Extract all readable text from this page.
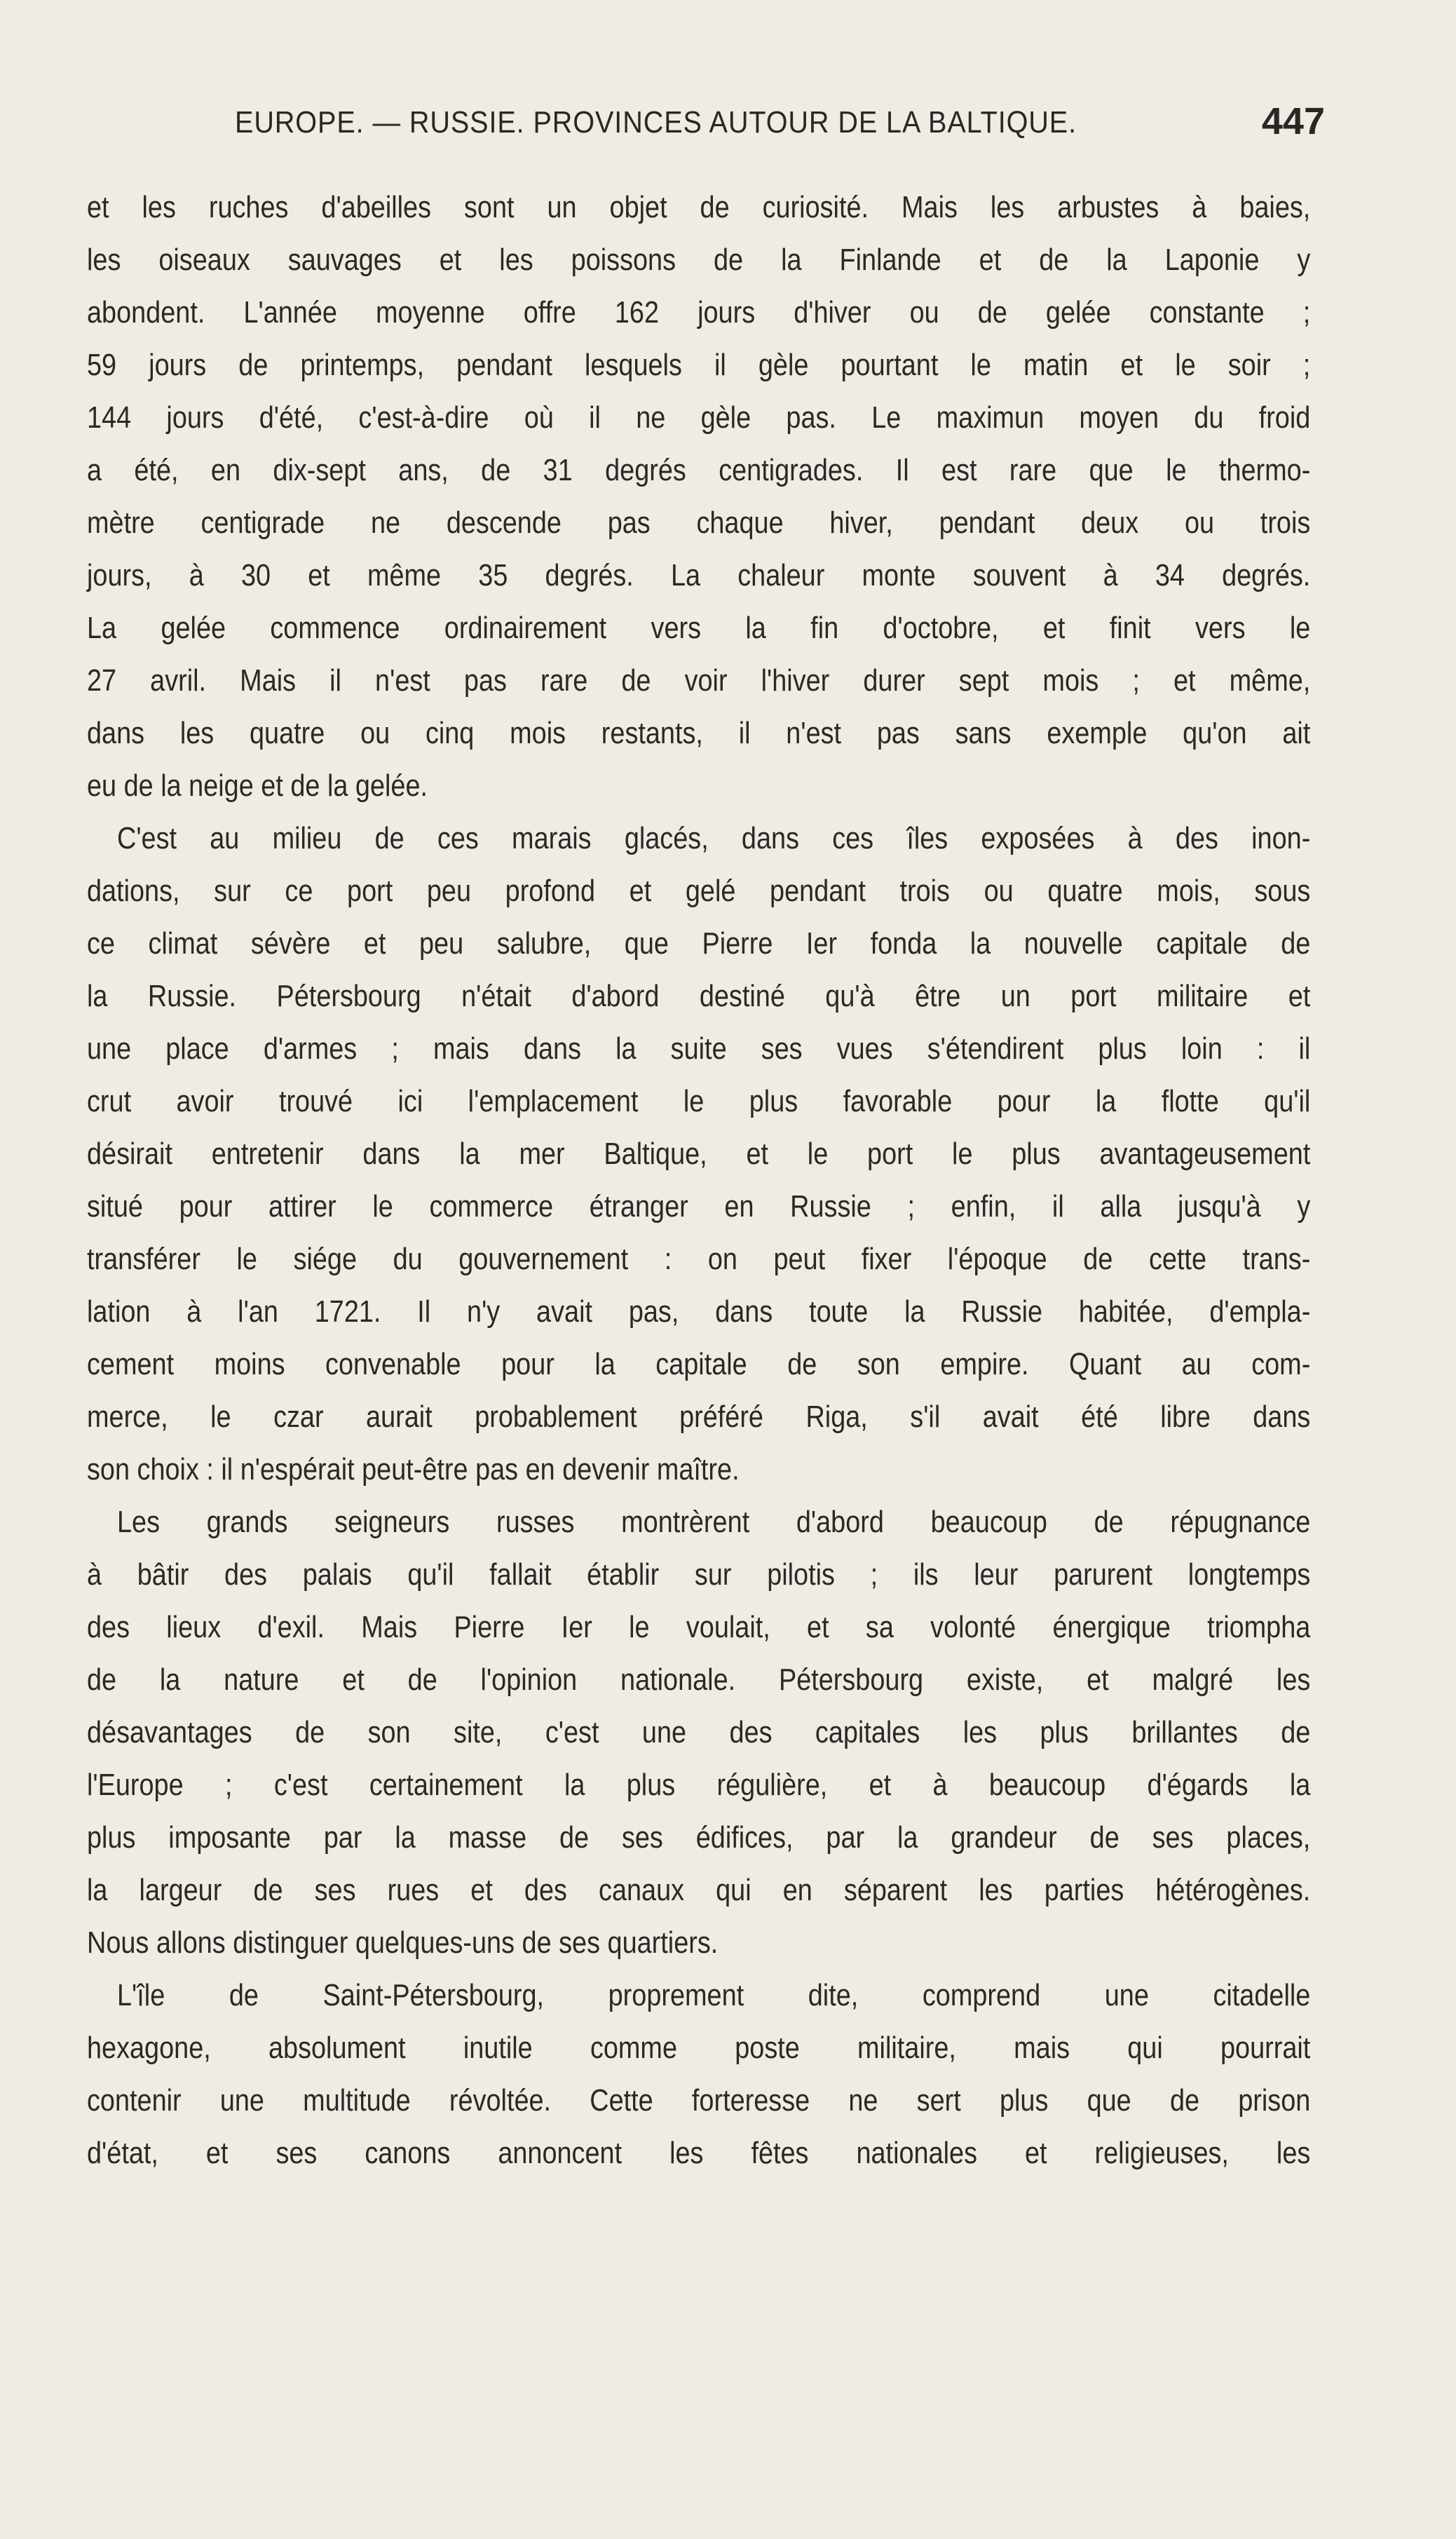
EUROPE. — RUSSIE. PROVINCES AUTOUR DE LA BALTIQUE.	447
et les ruches d'abeilles sont un objet de curiosité. Mais les arbustes à baies,
les oiseaux sauvages et les poissons de la Finlande et de la Laponie y
abondent. L'année moyenne offre 162 jours d'hiver ou de gelée constante ;
59 jours de printemps, pendant lesquels il gèle pourtant le matin et le soir ;
144 jours d'été, c'est-à-dire où il ne gèle pas. Le maximun moyen du froid
a été, en dix-sept ans, de 31 degrés centigrades. Il est rare que le thermo-
mètre centigrade ne descende pas chaque hiver, pendant deux ou trois
jours, à 30 et même 35 degrés. La chaleur monte souvent à 34 degrés.
La gelée commence ordinairement vers la fin d'octobre, et finit vers le
27 avril. Mais il n'est pas rare de voir l'hiver durer sept mois ; et même,
dans les quatre ou cinq mois restants, il n'est pas sans exemple qu'on ait
eu de la neige et de la gelée.
C'est au milieu de ces marais glacés, dans ces îles exposées à des inon-
dations, sur ce port peu profond et gelé pendant trois ou quatre mois, sous
ce climat sévère et peu salubre, que Pierre Ier fonda la nouvelle capitale de
la Russie. Pétersbourg n'était d'abord destiné qu'à être un port militaire et
une place d'armes ; mais dans la suite ses vues s'étendirent plus loin : il
crut avoir trouvé ici l'emplacement le plus favorable pour la flotte qu'il
désirait entretenir dans la mer Baltique, et le port le plus avantageusement
situé pour attirer le commerce étranger en Russie ; enfin, il alla jusqu'à y
transférer le siége du gouvernement : on peut fixer l'époque de cette trans-
lation à l'an 1721. Il n'y avait pas, dans toute la Russie habitée, d'empla-
cement moins convenable pour la capitale de son empire. Quant au com-
merce, le czar aurait probablement préféré Riga, s'il avait été libre dans
son choix : il n'espérait peut-être pas en devenir maître.
Les grands seigneurs russes montrèrent d'abord beaucoup de répugnance
à bâtir des palais qu'il fallait établir sur pilotis ; ils leur parurent longtemps
des lieux d'exil. Mais Pierre Ier le voulait, et sa volonté énergique triompha
de la nature et de l'opinion nationale. Pétersbourg existe, et malgré les
désavantages de son site, c'est une des capitales les plus brillantes de
l'Europe ; c'est certainement la plus régulière, et à beaucoup d'égards la
plus imposante par la masse de ses édifices, par la grandeur de ses places,
la largeur de ses rues et des canaux qui en séparent les parties hétérogènes.
Nous allons distinguer quelques-uns de ses quartiers.
L'île de Saint-Pétersbourg, proprement dite, comprend une citadelle
hexagone, absolument inutile comme poste militaire, mais qui pourrait
contenir une multitude révoltée. Cette forteresse ne sert plus que de prison
d'état, et ses canons annoncent les fêtes nationales et religieuses, les
